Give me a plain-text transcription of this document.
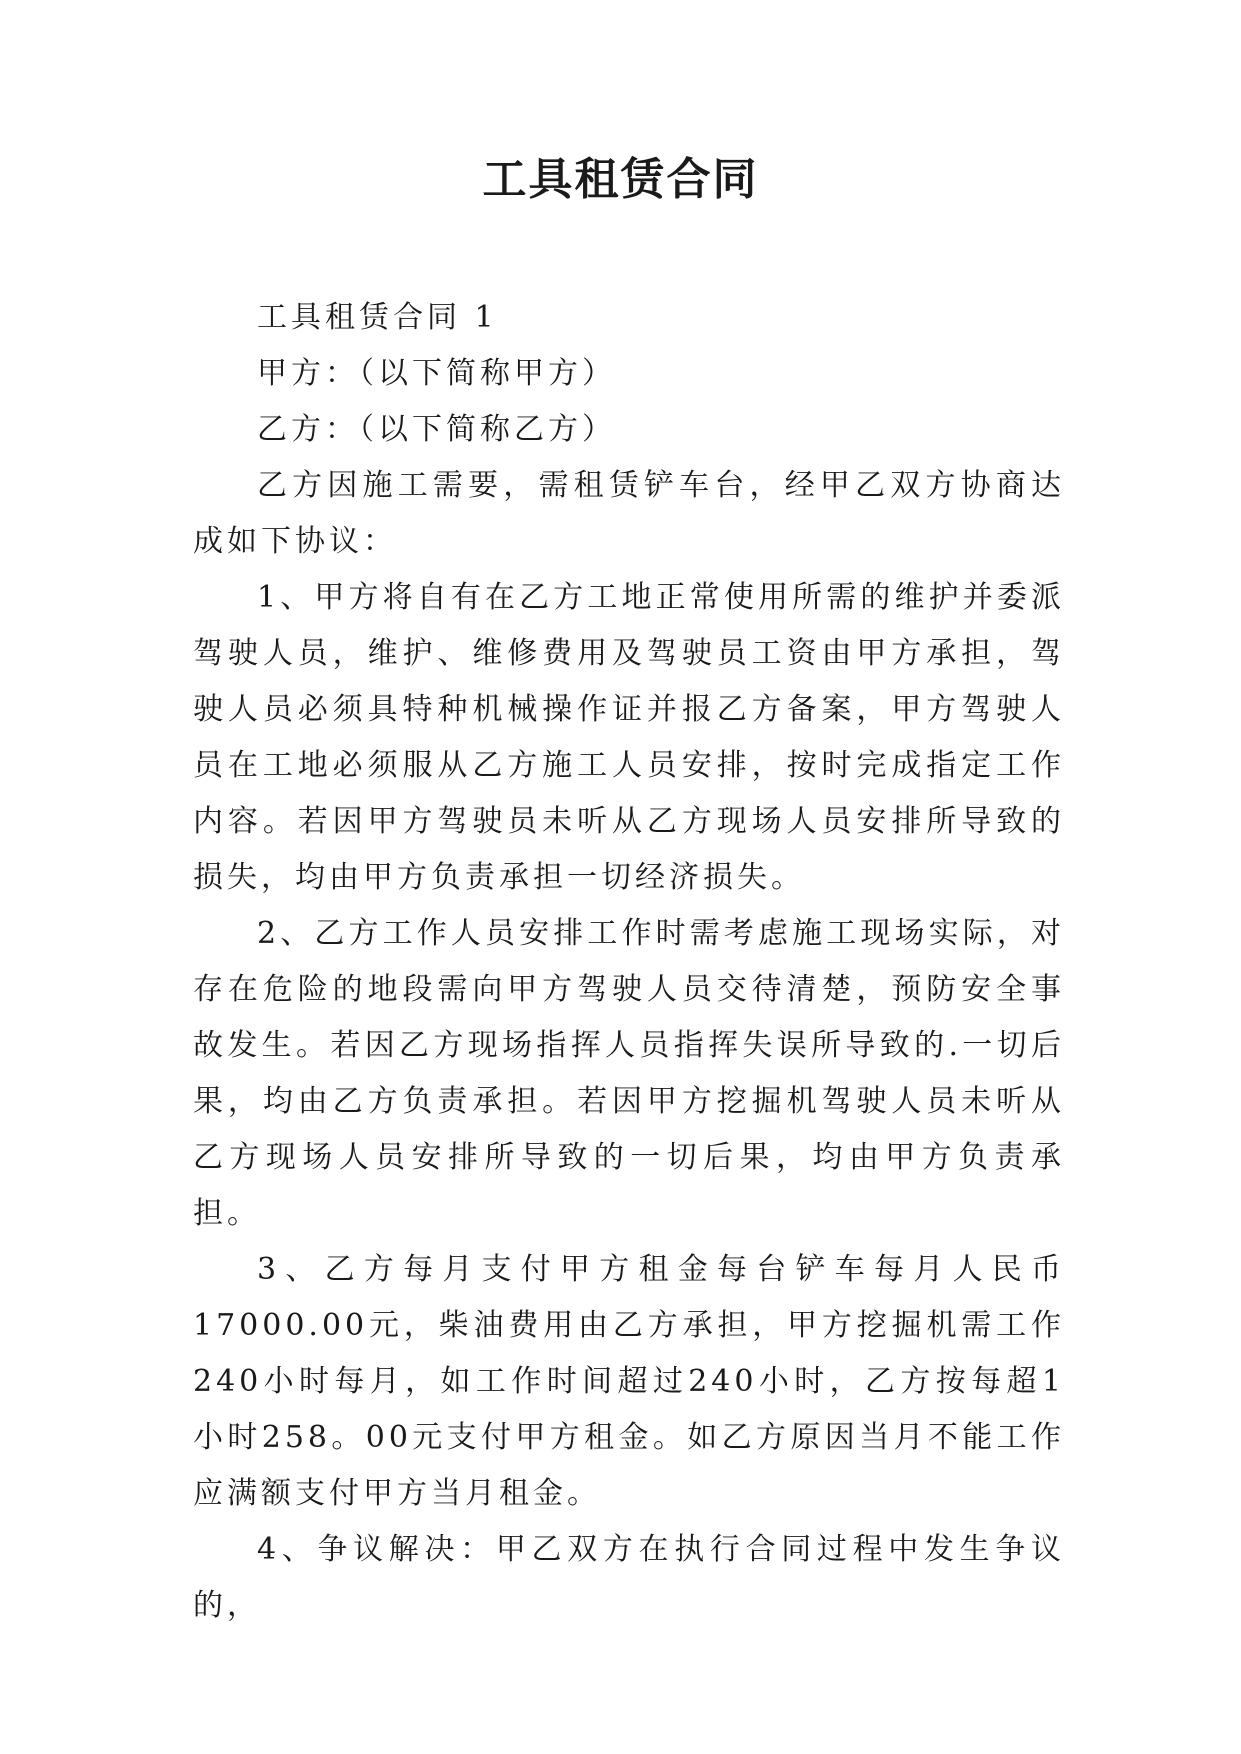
工具租赁合同

工具租赁合同 1

甲方：（以下简称甲方）

乙方：（以下简称乙方）

乙方因施工需要，需租赁铲车台，经甲乙双方协商达成如下协议：

1、甲方将自有在乙方工地正常使用所需的维护并委派驾驶人员，维护、维修费用及驾驶员工资由甲方承担，驾驶人员必须具特种机械操作证并报乙方备案，甲方驾驶人员在工地必须服从乙方施工人员安排，按时完成指定工作内容。若因甲方驾驶员未听从乙方现场人员安排所导致的损失，均由甲方负责承担一切经济损失。

2、乙方工作人员安排工作时需考虑施工现场实际，对存在危险的地段需向甲方驾驶人员交待清楚，预防安全事故发生。若因乙方现场指挥人员指挥失误所导致的.一切后果，均由乙方负责承担。若因甲方挖掘机驾驶人员未听从乙方现场人员安排所导致的一切后果，均由甲方负责承担。

3、乙方每月支付甲方租金每台铲车每月人民币17000.00元，柴油费用由乙方承担，甲方挖掘机需工作240小时每月，如工作时间超过240小时，乙方按每超1小时258。00元支付甲方租金。如乙方原因当月不能工作应满额支付甲方当月租金。

4、争议解决：甲乙双方在执行合同过程中发生争议的，
